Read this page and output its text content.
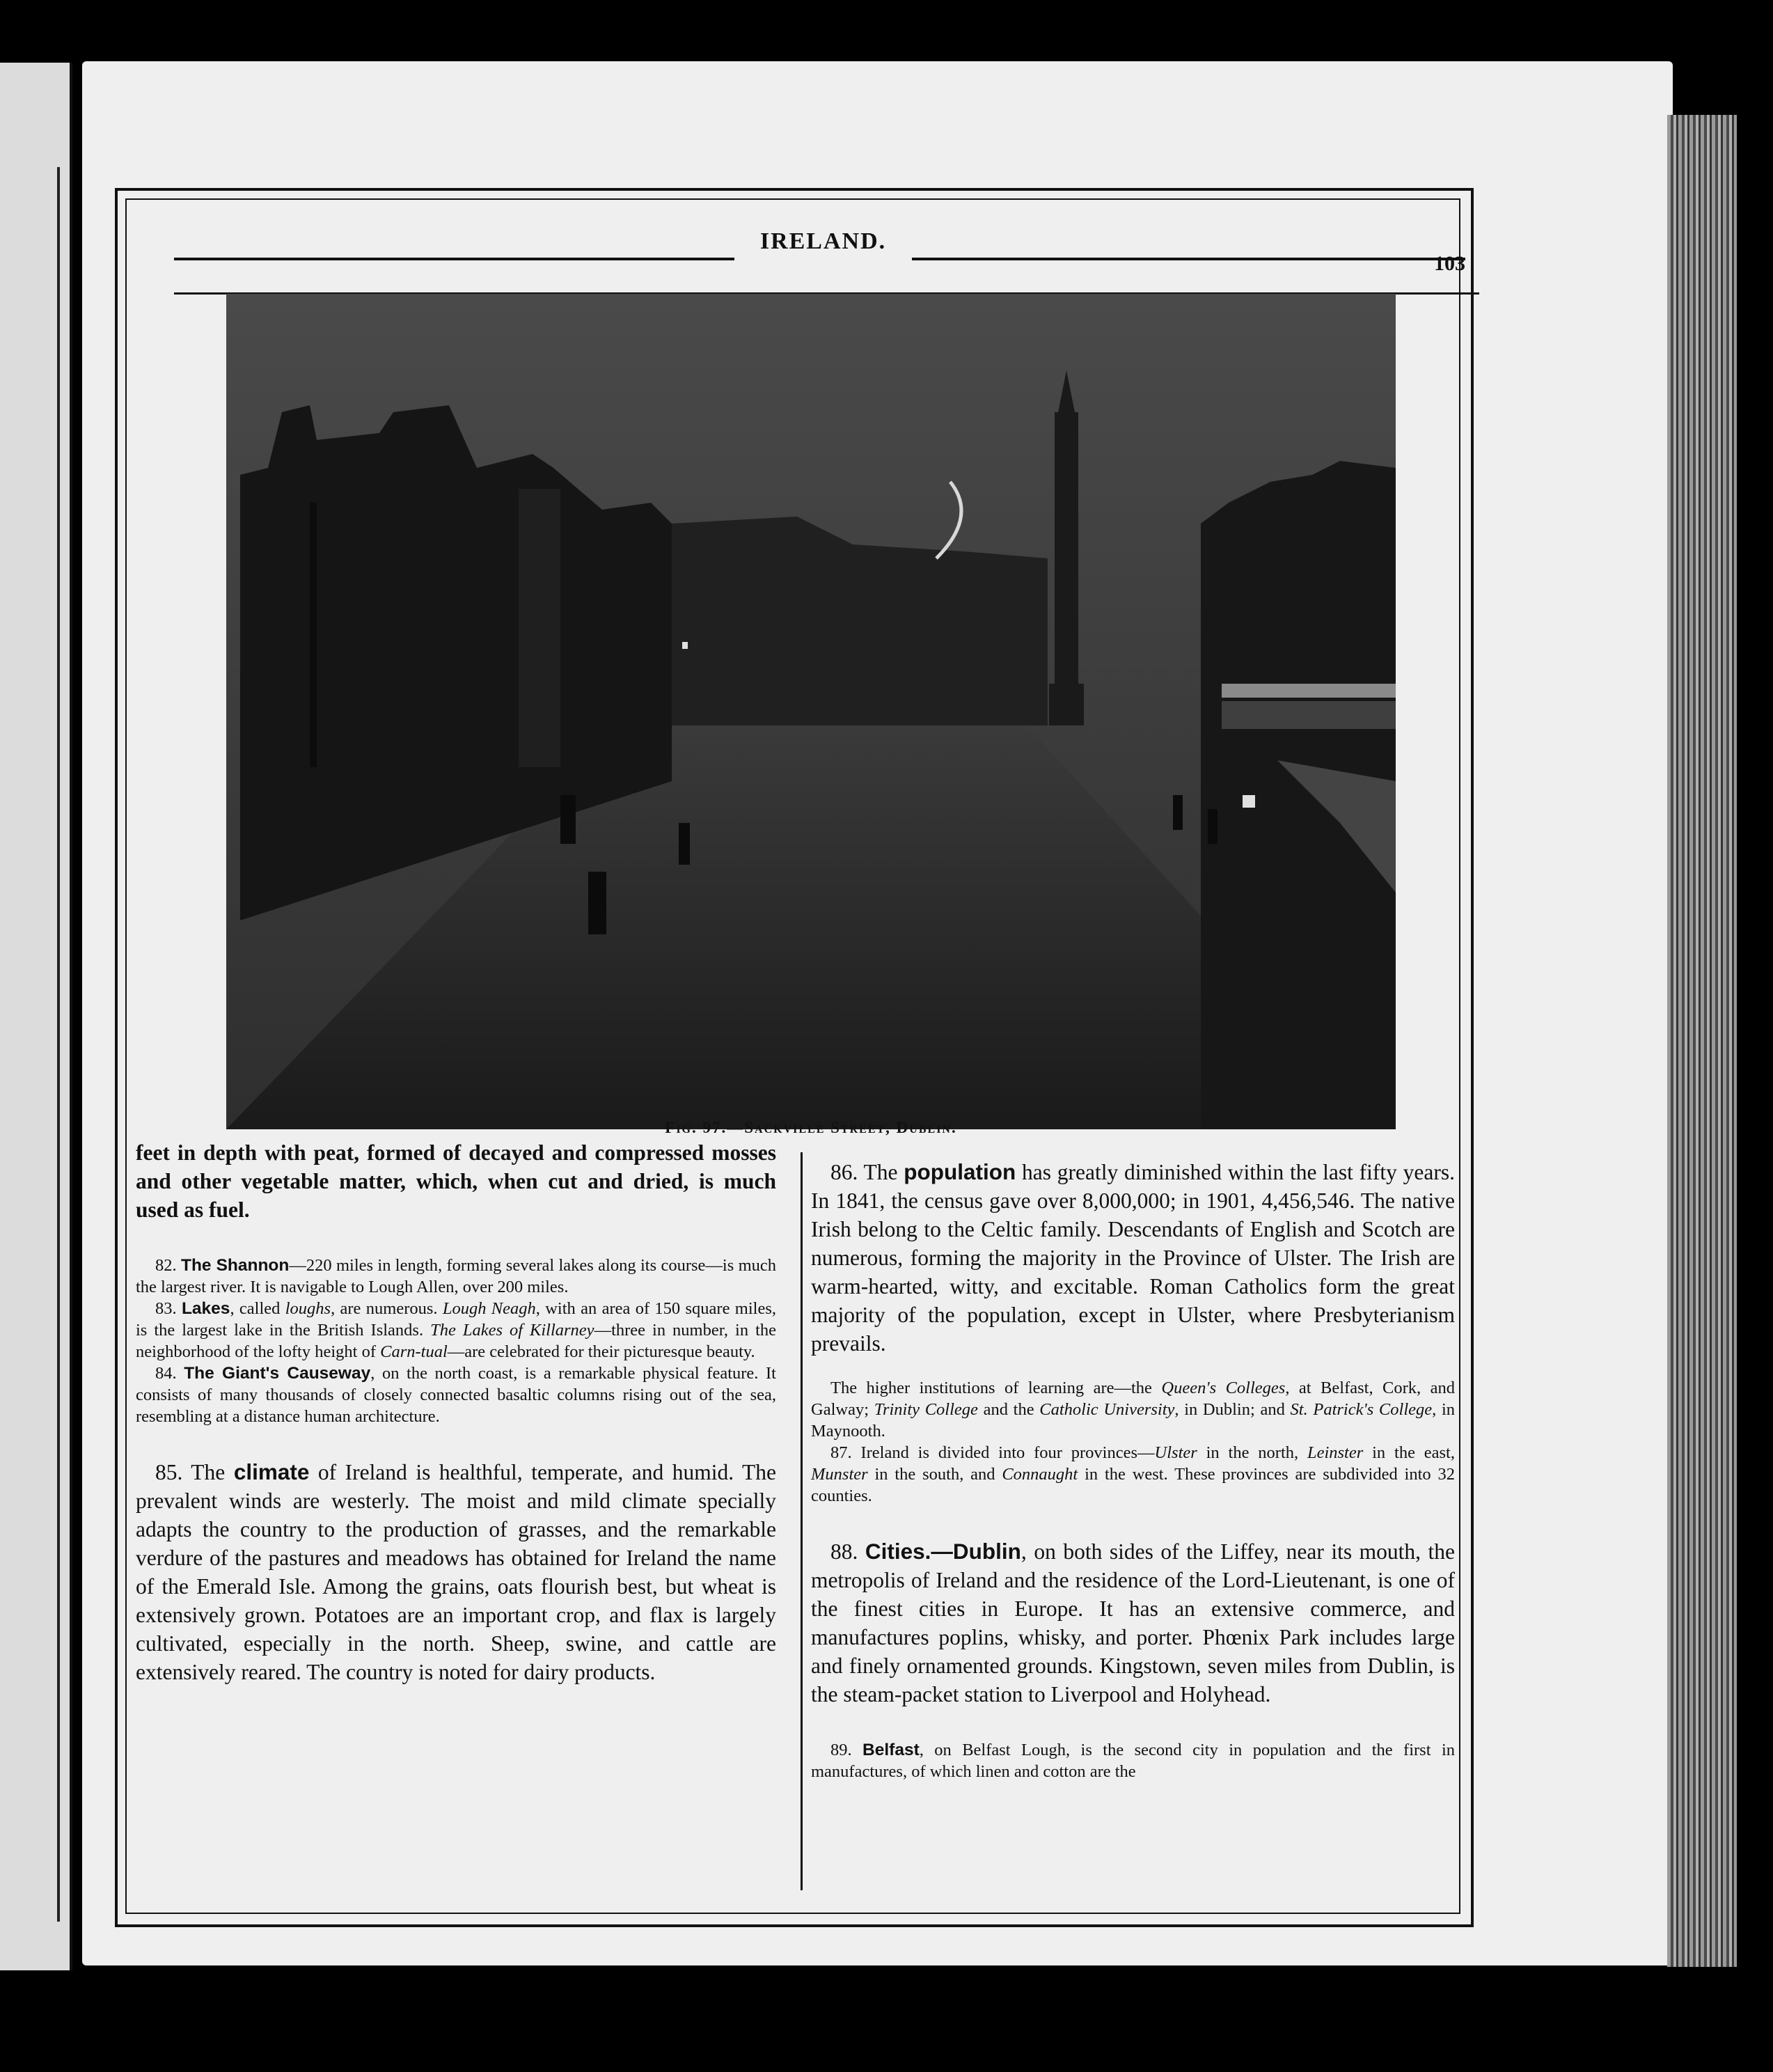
IRELAND.
103
Fig. 97.—Sackville Street, Dublin.

feet in depth with peat, formed of decayed and compressed mosses and other vegetable matter, which, when cut and dried, is much used as fuel.

82. The Shannon—220 miles in length, forming several lakes along its course—is much the largest river. It is navigable to Lough Allen, over 200 miles.

83. Lakes, called loughs, are numerous. Lough Neagh, with an area of 150 square miles, is the largest lake in the British Islands. The Lakes of Killarney—three in number, in the neighborhood of the lofty height of Carn-tual—are celebrated for their picturesque beauty.

84. The Giant's Causeway, on the north coast, is a remarkable physical feature. It consists of many thousands of closely connected basaltic columns rising out of the sea, resembling at a distance human architecture.

85. The climate of Ireland is healthful, temperate, and humid. The prevalent winds are westerly. The moist and mild climate specially adapts the country to the production of grasses, and the remarkable verdure of the pastures and meadows has obtained for Ireland the name of the Emerald Isle. Among the grains, oats flourish best, but wheat is extensively grown. Potatoes are an important crop, and flax is largely cultivated, especially in the north. Sheep, swine, and cattle are extensively reared. The country is noted for dairy products.

86. The population has greatly diminished within the last fifty years. In 1841, the census gave over 8,000,000; in 1901, 4,456,546. The native Irish belong to the Celtic family. Descendants of English and Scotch are numerous, forming the majority in the Province of Ulster. The Irish are warm-hearted, witty, and excitable. Roman Catholics form the great majority of the population, except in Ulster, where Presbyterianism prevails.

The higher institutions of learning are—the Queen's Colleges, at Belfast, Cork, and Galway; Trinity College and the Catholic University, in Dublin; and St. Patrick's College, in Maynooth.

87. Ireland is divided into four provinces—Ulster in the north, Leinster in the east, Munster in the south, and Connaught in the west. These provinces are subdivided into 32 counties.

88. Cities.—Dublin, on both sides of the Liffey, near its mouth, the metropolis of Ireland and the residence of the Lord-Lieutenant, is one of the finest cities in Europe. It has an extensive commerce, and manufactures poplins, whisky, and porter. Phœnix Park includes large and finely ornamented grounds. Kingstown, seven miles from Dublin, is the steam-packet station to Liverpool and Holyhead.

89. Belfast, on Belfast Lough, is the second city in population and the first in manufactures, of which linen and cotton are the
